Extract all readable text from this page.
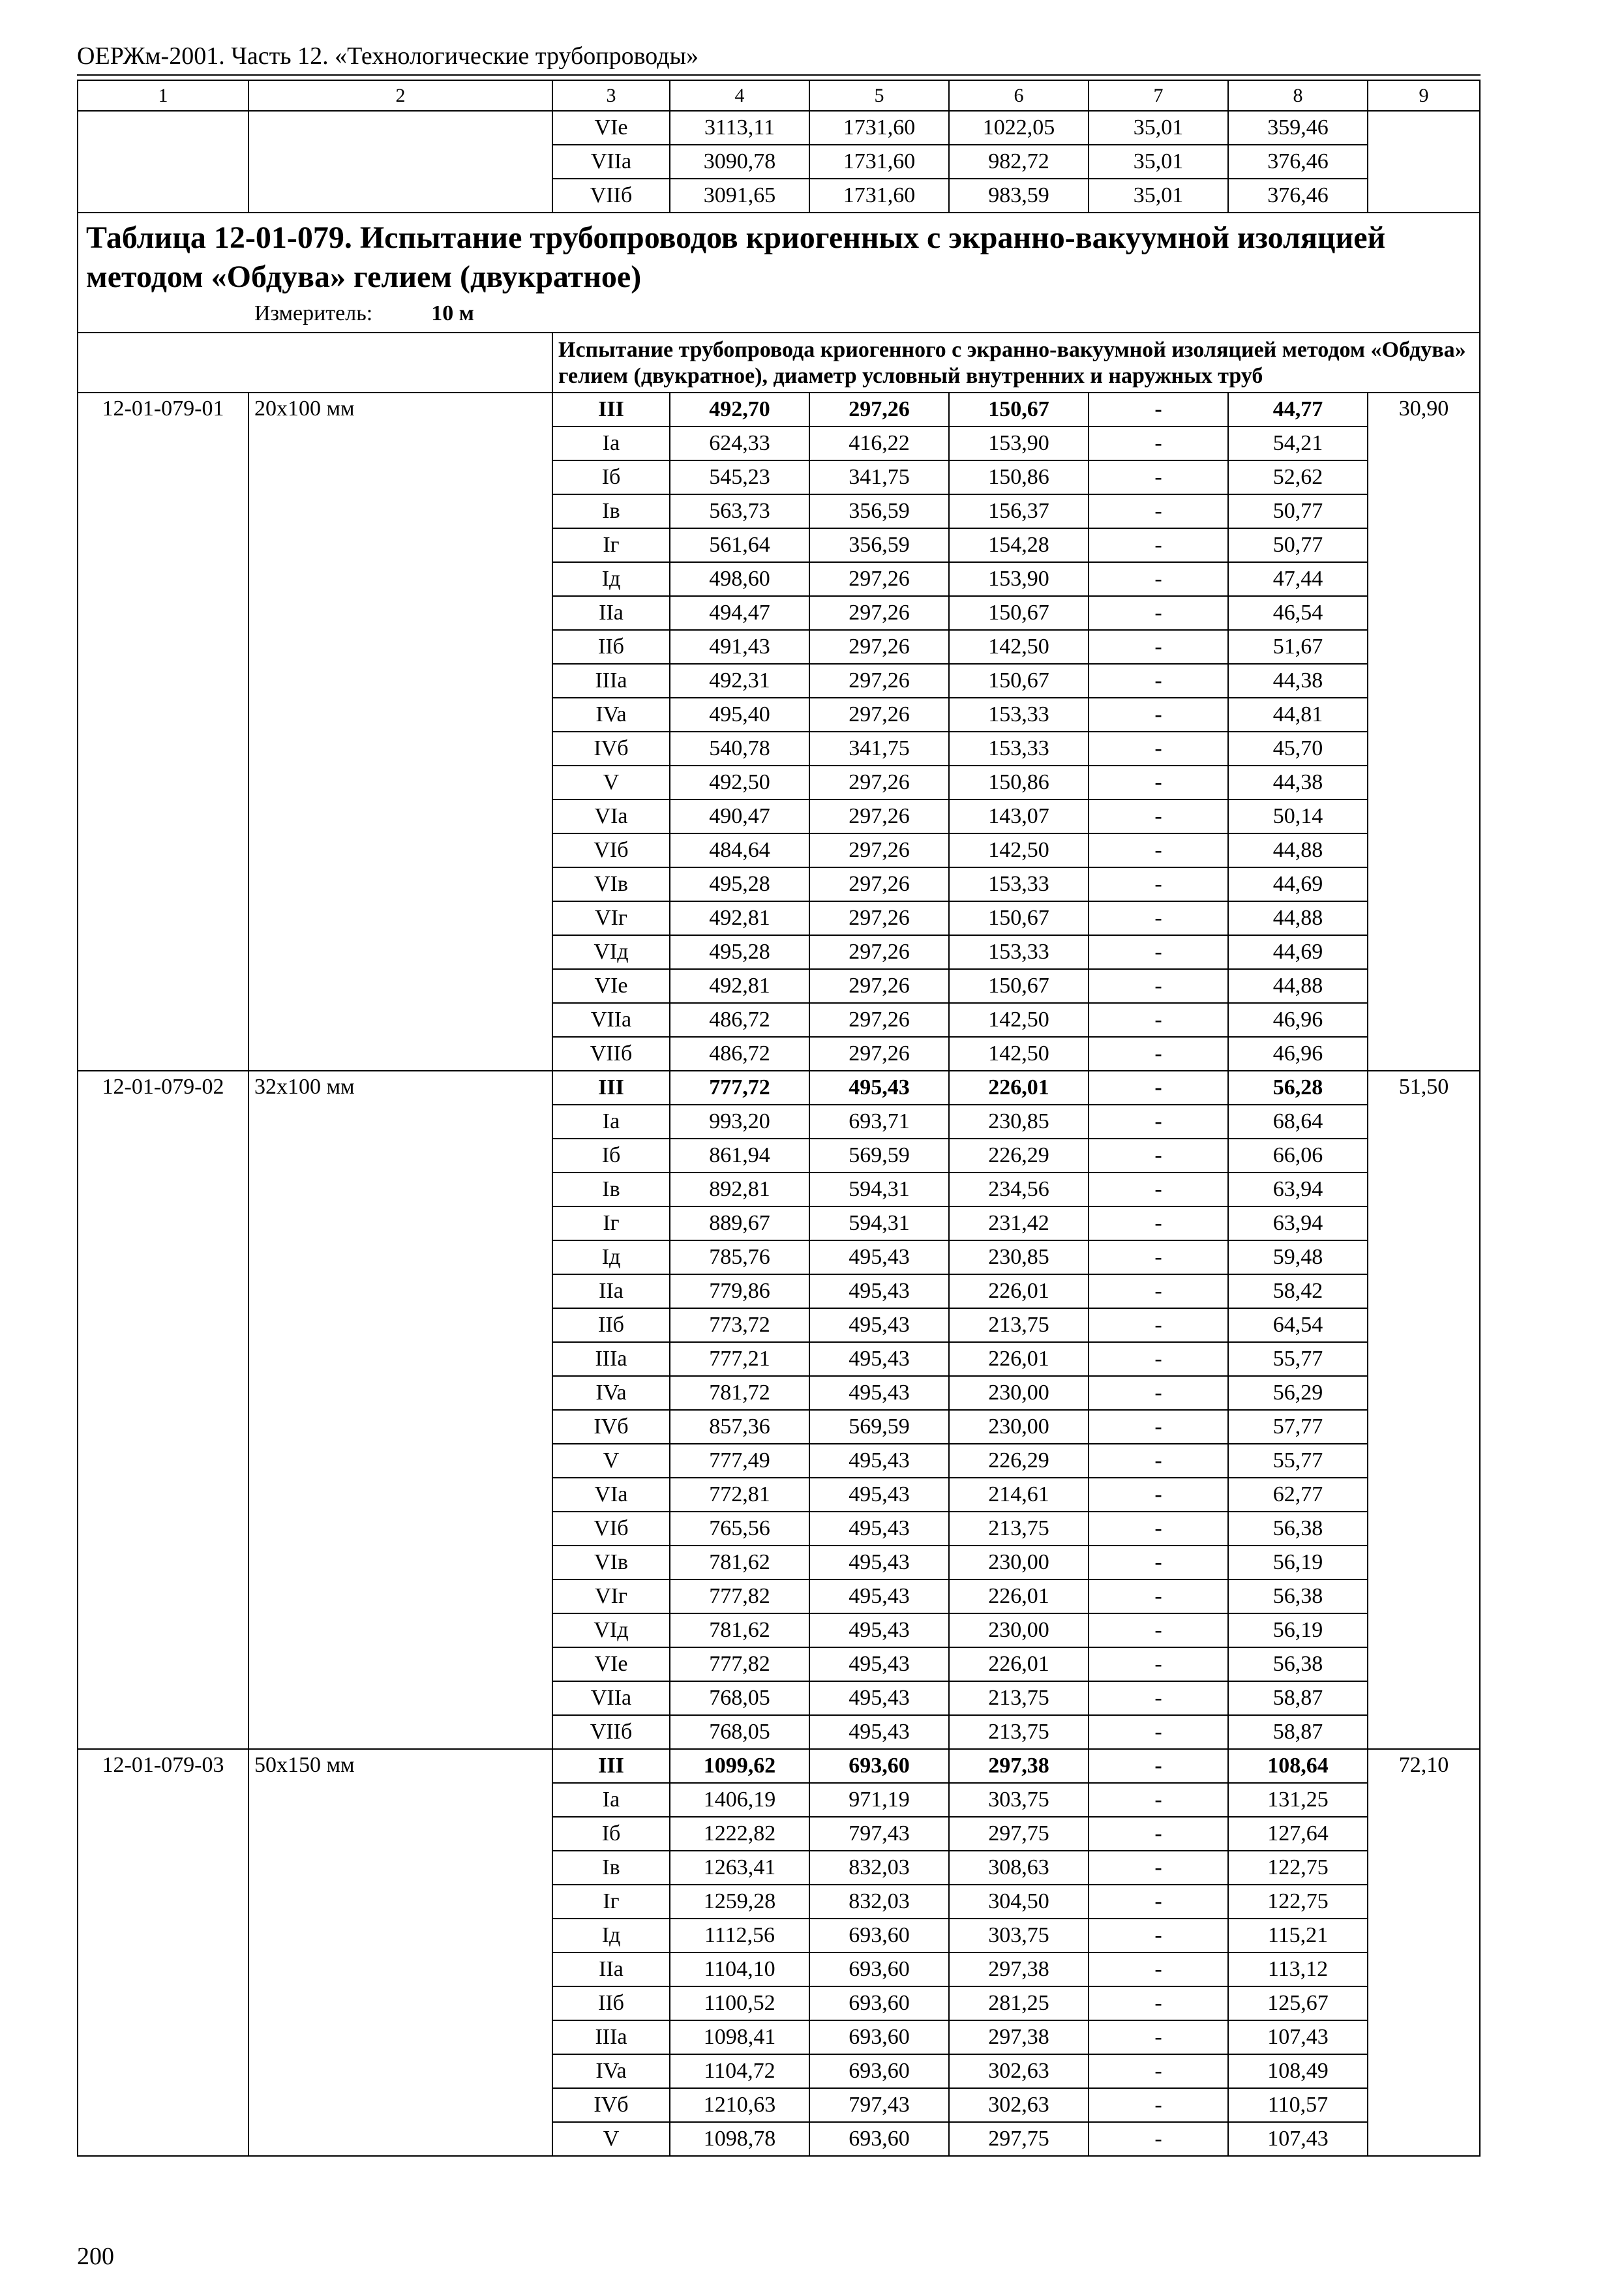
ОЕРЖм-2001. Часть 12. «Технологические трубопроводы»
1	2	3	4	5	6	7	8	9
		VIe	3113,11	1731,60	1022,05	35,01	359,46	
		VIIa	3090,78	1731,60	982,72	35,01	376,46	
		VIIб	3091,65	1731,60	983,59	35,01	376,46	

Таблица 12-01-079. Испытание трубопроводов криогенных с экранно-вакуумной изоляцией методом «Обдува» гелием (двукратное)
Измеритель: 10 м								

		Испытание трубопровода криогенного с экранно-вакуумной изоляцией методом «Обдува» гелием (двукратное), диаметр условный внутренних и наружных труб						
12-01-079-01	20х100 мм	III	492,70	297,26	150,67	-	44,77	30,90
		Ia	624,33	416,22	153,90	-	54,21	
		Iб	545,23	341,75	150,86	-	52,62	
		Iв	563,73	356,59	156,37	-	50,77	
		Iг	561,64	356,59	154,28	-	50,77	
		Iд	498,60	297,26	153,90	-	47,44	
		IIa	494,47	297,26	150,67	-	46,54	
		IIб	491,43	297,26	142,50	-	51,67	
		IIIa	492,31	297,26	150,67	-	44,38	
		IVa	495,40	297,26	153,33	-	44,81	
		IVб	540,78	341,75	153,33	-	45,70	
		V	492,50	297,26	150,86	-	44,38	
		VIa	490,47	297,26	143,07	-	50,14	
		VIб	484,64	297,26	142,50	-	44,88	
		VIв	495,28	297,26	153,33	-	44,69	
		VIг	492,81	297,26	150,67	-	44,88	
		VIд	495,28	297,26	153,33	-	44,69	
		VIe	492,81	297,26	150,67	-	44,88	
		VIIa	486,72	297,26	142,50	-	46,96	
		VIIб	486,72	297,26	142,50	-	46,96	
12-01-079-02	32х100 мм	III	777,72	495,43	226,01	-	56,28	51,50
		Ia	993,20	693,71	230,85	-	68,64	
		Iб	861,94	569,59	226,29	-	66,06	
		Iв	892,81	594,31	234,56	-	63,94	
		Iг	889,67	594,31	231,42	-	63,94	
		Iд	785,76	495,43	230,85	-	59,48	
		IIa	779,86	495,43	226,01	-	58,42	
		IIб	773,72	495,43	213,75	-	64,54	
		IIIa	777,21	495,43	226,01	-	55,77	
		IVa	781,72	495,43	230,00	-	56,29	
		IVб	857,36	569,59	230,00	-	57,77	
		V	777,49	495,43	226,29	-	55,77	
		VIa	772,81	495,43	214,61	-	62,77	
		VIб	765,56	495,43	213,75	-	56,38	
		VIв	781,62	495,43	230,00	-	56,19	
		VIг	777,82	495,43	226,01	-	56,38	
		VIд	781,62	495,43	230,00	-	56,19	
		VIe	777,82	495,43	226,01	-	56,38	
		VIIa	768,05	495,43	213,75	-	58,87	
		VIIб	768,05	495,43	213,75	-	58,87	
12-01-079-03	50х150 мм	III	1099,62	693,60	297,38	-	108,64	72,10
		Ia	1406,19	971,19	303,75	-	131,25	
		Iб	1222,82	797,43	297,75	-	127,64	
		Iв	1263,41	832,03	308,63	-	122,75	
		Iг	1259,28	832,03	304,50	-	122,75	
		Iд	1112,56	693,60	303,75	-	115,21	
		IIa	1104,10	693,60	297,38	-	113,12	
		IIб	1100,52	693,60	281,25	-	125,67	
		IIIa	1098,41	693,60	297,38	-	107,43	
		IVa	1104,72	693,60	302,63	-	108,49	
		IVб	1210,63	797,43	302,63	-	110,57	
		V	1098,78	693,60	297,75	-	107,43	
200
